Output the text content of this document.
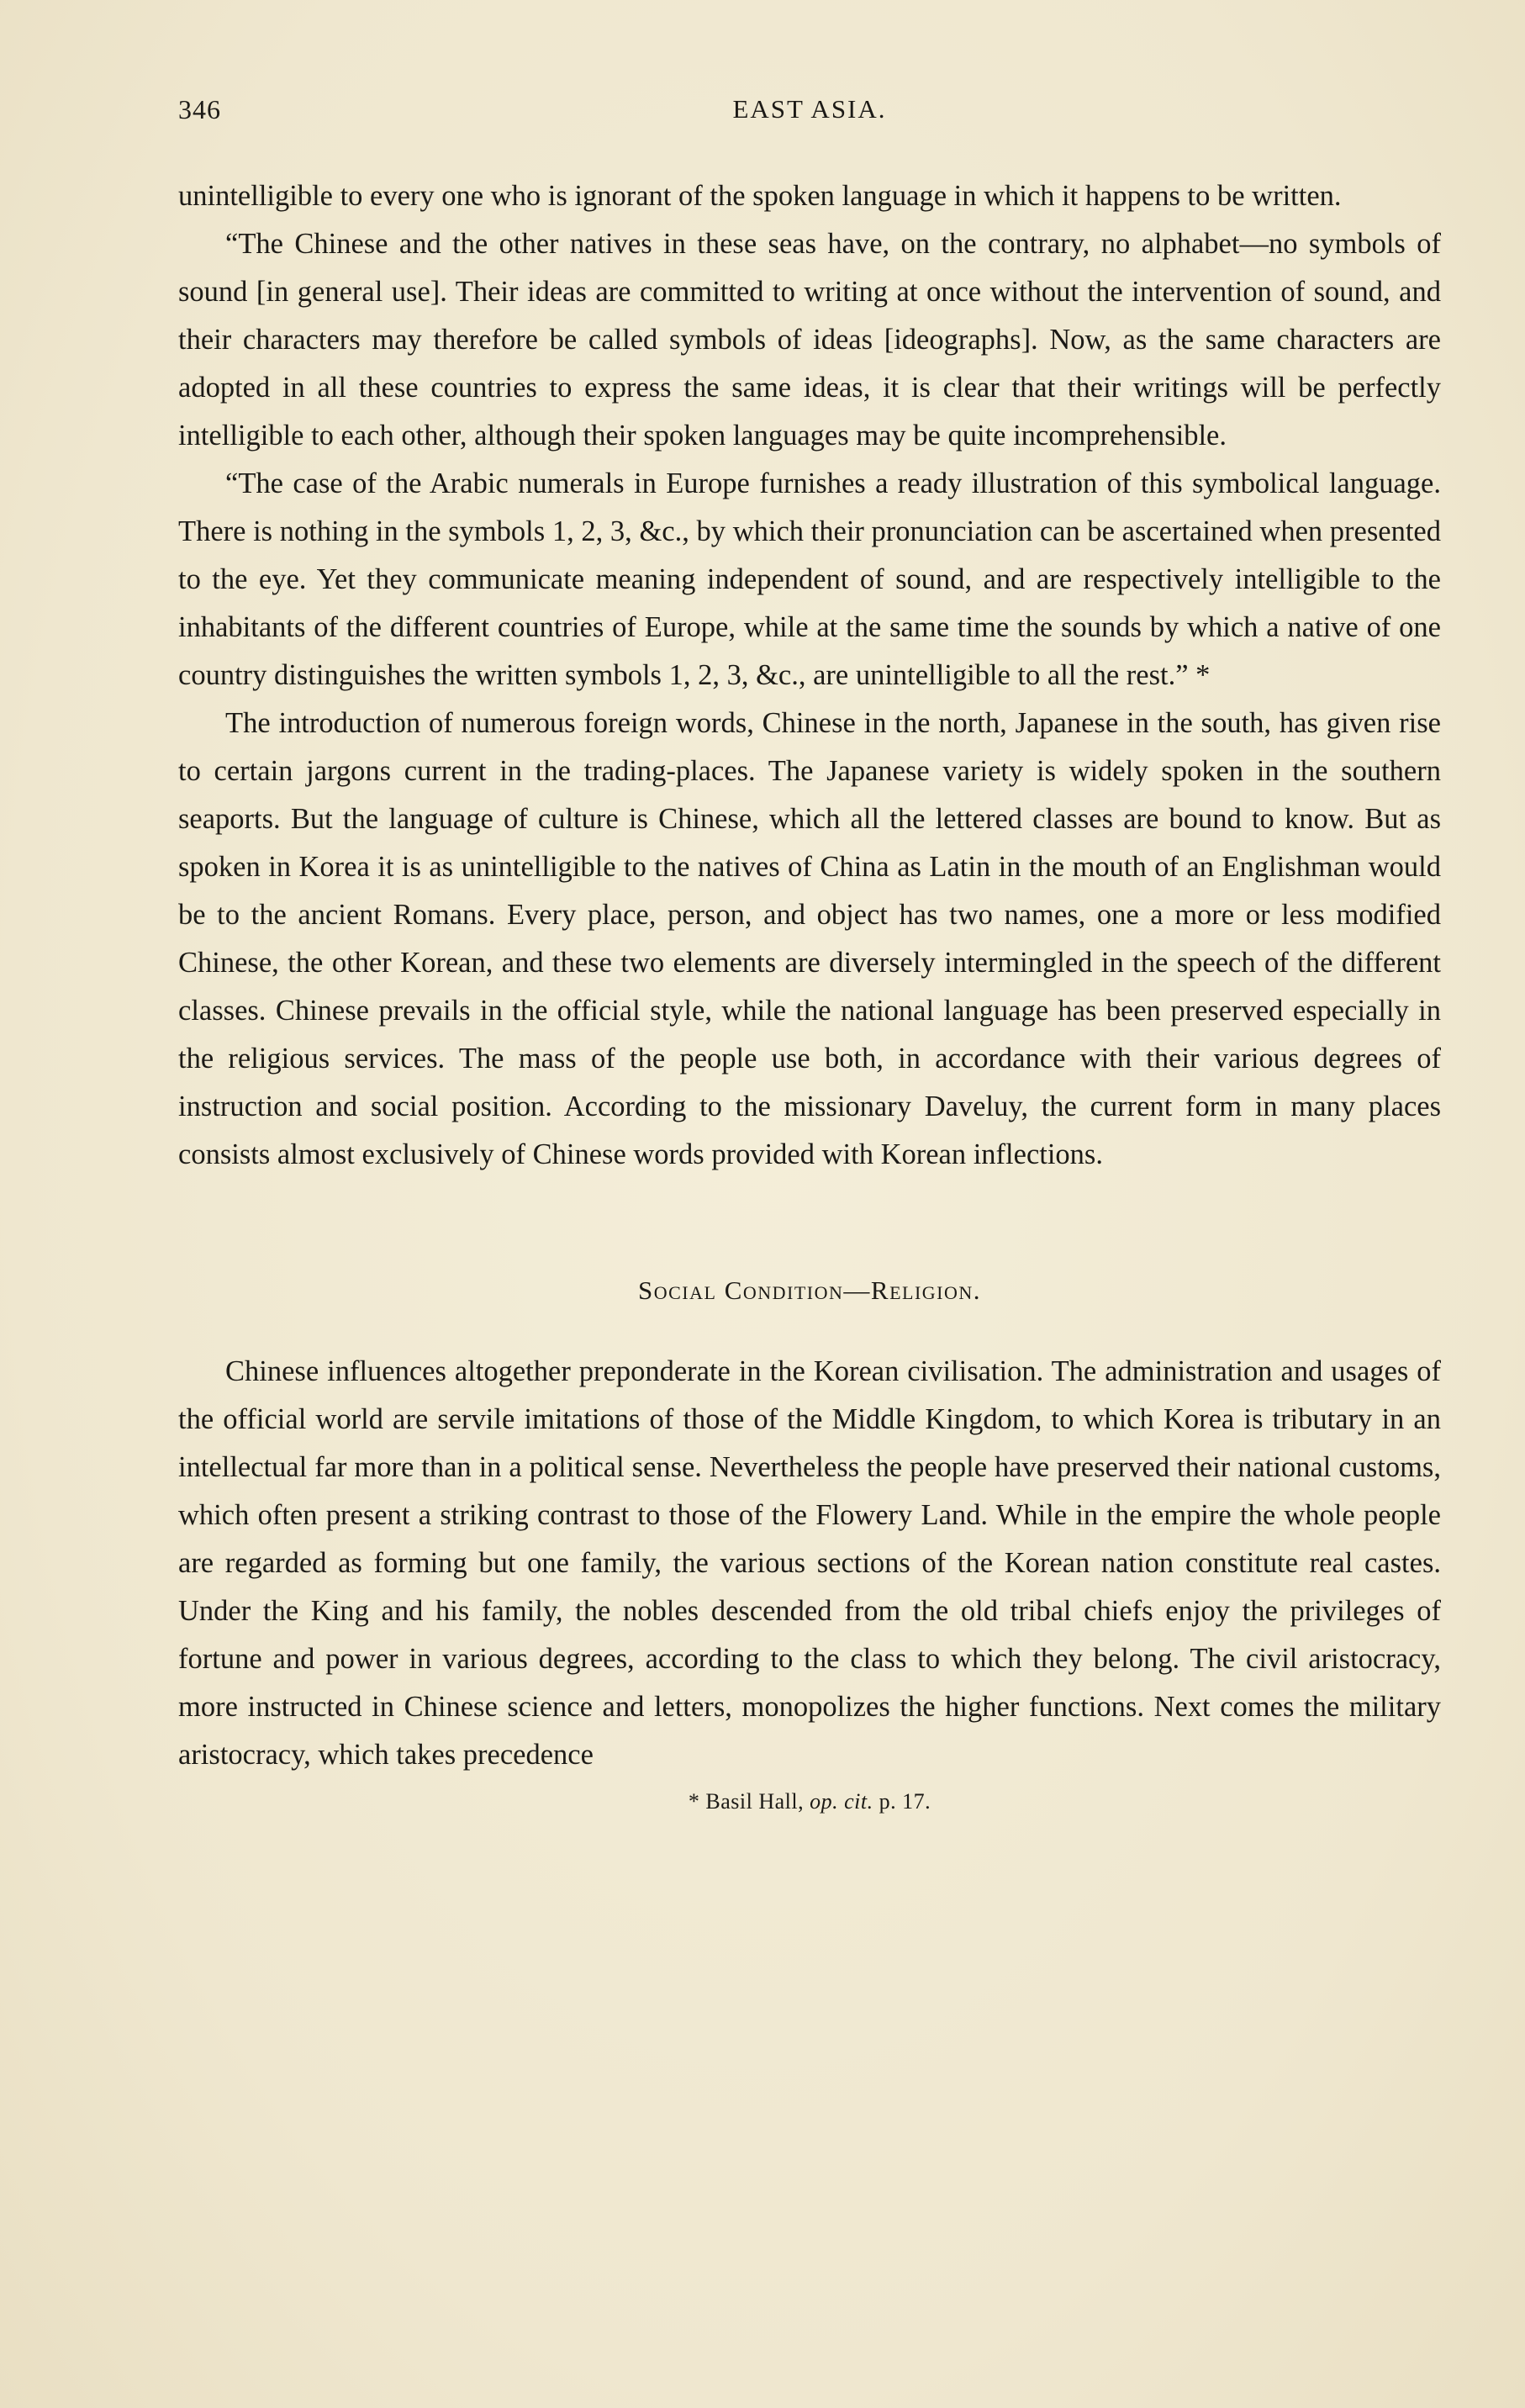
346	EAST ASIA.

unintelligible to every one who is ignorant of the spoken language in which it happens to be written.

“The Chinese and the other natives in these seas have, on the contrary, no alphabet—no symbols of sound [in general use]. Their ideas are committed to writing at once without the intervention of sound, and their characters may therefore be called symbols of ideas [ideographs]. Now, as the same characters are adopted in all these countries to express the same ideas, it is clear that their writings will be perfectly intelligible to each other, although their spoken languages may be quite incomprehensible.

“The case of the Arabic numerals in Europe furnishes a ready illustration of this symbolical language. There is nothing in the symbols 1, 2, 3, &c., by which their pronunciation can be ascertained when presented to the eye. Yet they communicate meaning independent of sound, and are respectively intelligible to the inhabitants of the different countries of Europe, while at the same time the sounds by which a native of one country distinguishes the written symbols 1, 2, 3, &c., are unintelligible to all the rest.” *

The introduction of numerous foreign words, Chinese in the north, Japanese in the south, has given rise to certain jargons current in the trading-places. The Japanese variety is widely spoken in the southern seaports. But the language of culture is Chinese, which all the lettered classes are bound to know. But as spoken in Korea it is as unintelligible to the natives of China as Latin in the mouth of an Englishman would be to the ancient Romans. Every place, person, and object has two names, one a more or less modified Chinese, the other Korean, and these two elements are diversely intermingled in the speech of the different classes. Chinese prevails in the official style, while the national language has been preserved especially in the religious services. The mass of the people use both, in accordance with their various degrees of instruction and social position. According to the missionary Daveluy, the current form in many places consists almost exclusively of Chinese words provided with Korean inflections.

Social Condition—Religion.

Chinese influences altogether preponderate in the Korean civilisation. The administration and usages of the official world are servile imitations of those of the Middle Kingdom, to which Korea is tributary in an intellectual far more than in a political sense. Nevertheless the people have preserved their national customs, which often present a striking contrast to those of the Flowery Land. While in the empire the whole people are regarded as forming but one family, the various sections of the Korean nation constitute real castes. Under the King and his family, the nobles descended from the old tribal chiefs enjoy the privileges of fortune and power in various degrees, according to the class to which they belong. The civil aristocracy, more instructed in Chinese science and letters, monopolizes the higher functions. Next comes the military aristocracy, which takes precedence

* Basil Hall, op. cit. p. 17.
